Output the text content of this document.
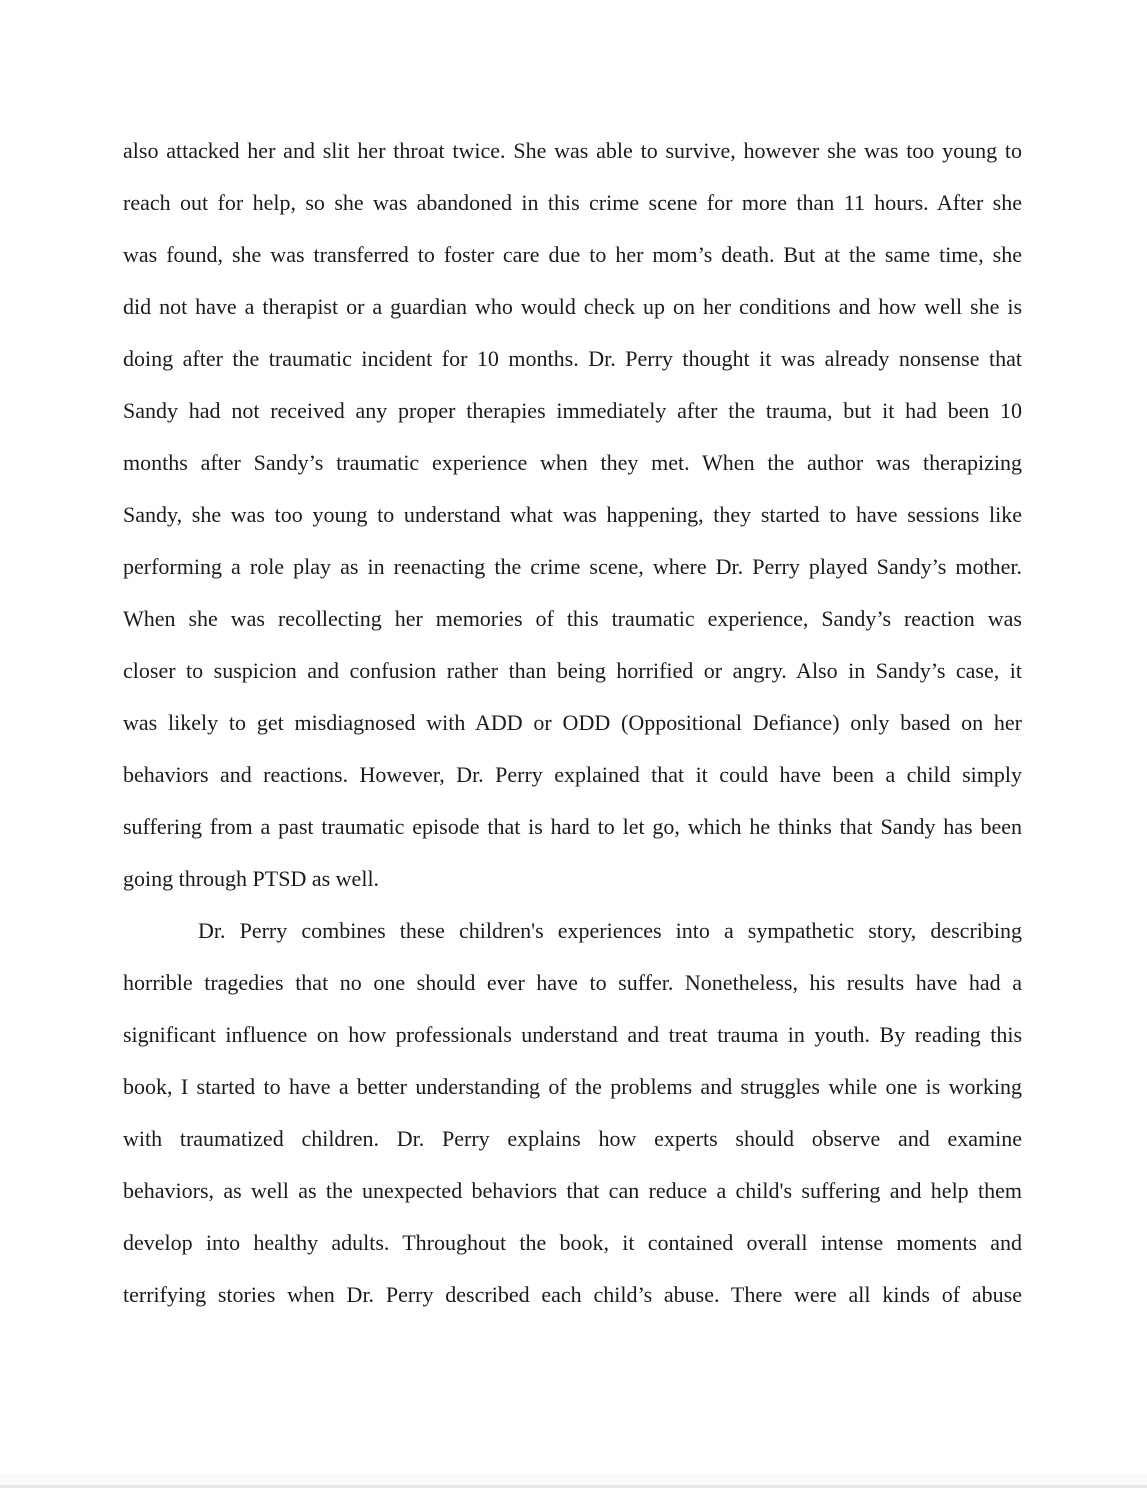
also attacked her and slit her throat twice. She was able to survive, however she was too young to
reach out for help, so she was abandoned in this crime scene for more than 11 hours. After she
was found, she was transferred to foster care due to her mom’s death. But at the same time, she
did not have a therapist or a guardian who would check up on her conditions and how well she is
doing after the traumatic incident for 10 months. Dr. Perry thought it was already nonsense that
Sandy had not received any proper therapies immediately after the trauma, but it had been 10
months after Sandy’s traumatic experience when they met. When the author was therapizing
Sandy, she was too young to understand what was happening, they started to have sessions like
performing a role play as in reenacting the crime scene, where Dr. Perry played Sandy’s mother.
When she was recollecting her memories of this traumatic experience, Sandy’s reaction was
closer to suspicion and confusion rather than being horrified or angry. Also in Sandy’s case, it
was likely to get misdiagnosed with ADD or ODD (Oppositional Defiance) only based on her
behaviors and reactions. However, Dr. Perry explained that it could have been a child simply
suffering from a past traumatic episode that is hard to let go, which he thinks that Sandy has been
going through PTSD as well.
Dr. Perry combines these children's experiences into a sympathetic story, describing
horrible tragedies that no one should ever have to suffer. Nonetheless, his results have had a
significant influence on how professionals understand and treat trauma in youth. By reading this
book, I started to have a better understanding of the problems and struggles while one is working
with traumatized children. Dr. Perry explains how experts should observe and examine
behaviors, as well as the unexpected behaviors that can reduce a child's suffering and help them
develop into healthy adults. Throughout the book, it contained overall intense moments and
terrifying stories when Dr. Perry described each child’s abuse. There were all kinds of abuse
